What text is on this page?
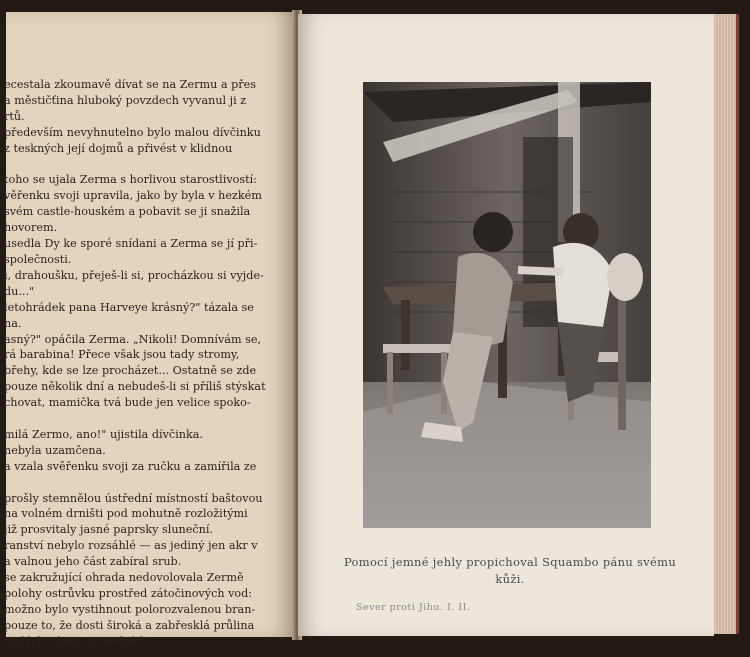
ecestala zkoumavě dívat se na Zermu a přes
a městičťina hluboký povzdech vyvanul ji z
rtů.
především nevyhnutelno bylo malou dívčinku
z teskných její dojmů a přivést v klidnou

toho se ujala Zerma s horlivou starostlivostí:
věřenku svoji upravila, jako by byla v hezkém
svém castle-houském a pobavit se ji snažila
hovorem.
usedla Dy ke sporé snídani a Zerma se jí při-
společnosti.
i, drahoušku, přeješ-li si, procházkou si vyjde-
du..."
letohrádek pana Harveye krásný?" tázala se
na.
asný?" opáčila Zerma. „Nikoli! Domnívám se,
rá barabina! Přece však jsou tady stromy,
břehy, kde se lze procházet... Ostatně se zde
pouze několik dní a nebudeš-li si příliš stýskat
chovat, mamička tvá bude jen velice spoko-

milá Zermo, ano!" ujistila dívčinka.
nebyla uzamčena.
a vzala svěřenku svoji za ručku a zamířila ze

prošly stemnělou ústřední místností baštovou
na volném drništi pod mohutně rozložitými
již prosvitaly jasné paprsky sluneční.
ranství nebylo rozsáhlé — as jediný jen akr v
a valnou jeho část zabíral srub.
se zakružující ohrada nedovolovala Zermě
polohy ostrůvku prostřed zátočinových vod:
možno bylo vystihnout polorozvalenou bran-
pouze to, že dosti široká a zabřesklá průlina
malých výsep sousedních.
Pomocí jemné jehly propichoval Squambo pánu svému
kůži.
Sever proti Jihu. I. II.
